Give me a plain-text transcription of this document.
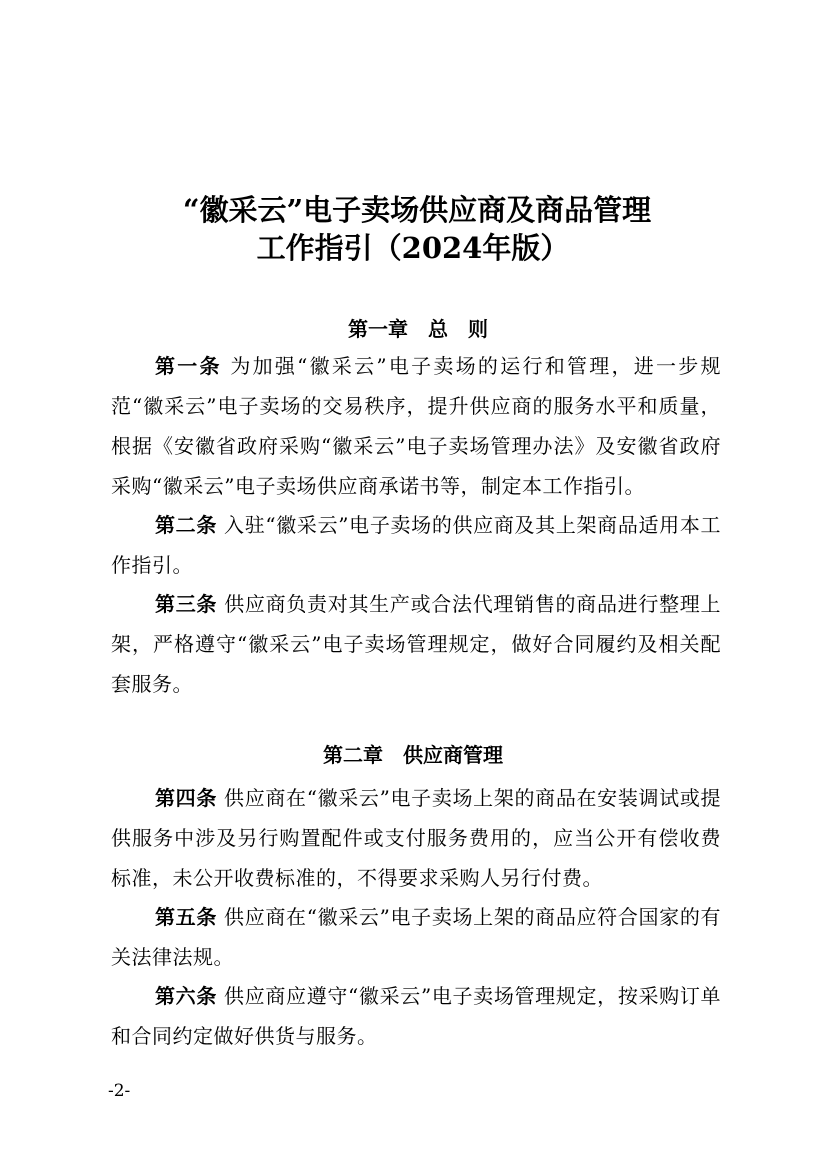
“徽采云”电子卖场供应商及商品管理
工作指引（2024年版）
第一章　总　则

第一条 为加强“徽采云”电子卖场的运行和管理，进一步规范“徽采云”电子卖场的交易秩序，提升供应商的服务水平和质量，根据《安徽省政府采购“徽采云”电子卖场管理办法》及安徽省政府采购“徽采云”电子卖场供应商承诺书等，制定本工作指引。

第二条 入驻“徽采云”电子卖场的供应商及其上架商品适用本工作指引。

第三条 供应商负责对其生产或合法代理销售的商品进行整理上架，严格遵守“徽采云”电子卖场管理规定，做好合同履约及相关配套服务。

第二章　供应商管理

第四条 供应商在“徽采云”电子卖场上架的商品在安装调试或提供服务中涉及另行购置配件或支付服务费用的，应当公开有偿收费标准，未公开收费标准的，不得要求采购人另行付费。

第五条 供应商在“徽采云”电子卖场上架的商品应符合国家的有关法律法规。

第六条 供应商应遵守“徽采云”电子卖场管理规定，按采购订单和合同约定做好供货与服务。

-2-
